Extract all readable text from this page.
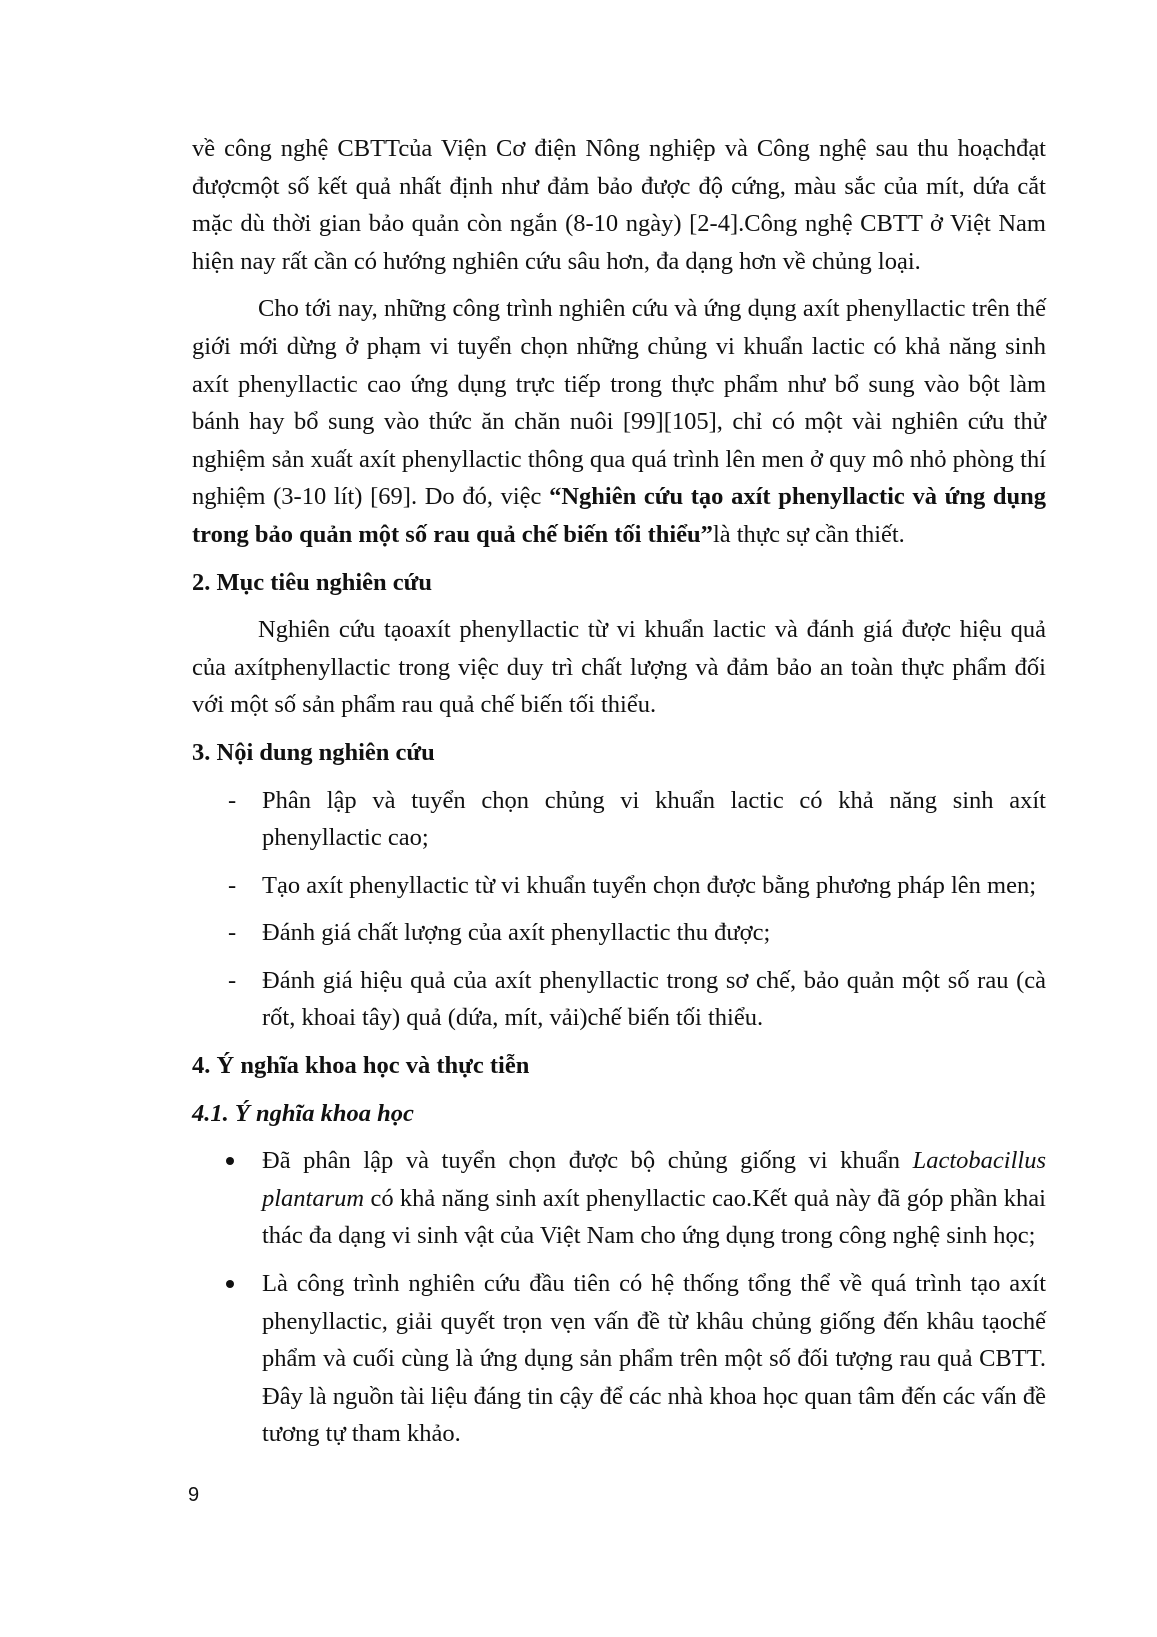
về công nghệ CBTTcủa Viện Cơ điện Nông nghiệp và Công nghệ sau thu hoạchđạt đượcmột số kết quả nhất định như đảm bảo được độ cứng, màu sắc của mít, dứa cắt mặc dù thời gian bảo quản còn ngắn (8-10 ngày) [2-4].Công nghệ CBTT ở Việt Nam hiện nay rất cần có hướng nghiên cứu sâu hơn, đa dạng hơn về chủng loại.

Cho tới nay, những công trình nghiên cứu và ứng dụng axít phenyllactic trên thế giới mới dừng ở phạm vi tuyển chọn những chủng vi khuẩn lactic có khả năng sinh axít phenyllactic cao ứng dụng trực tiếp trong thực phẩm như bổ sung vào bột làm bánh hay bổ sung vào thức ăn chăn nuôi [99][105], chỉ có một vài nghiên cứu thử nghiệm sản xuất axít phenyllactic thông qua quá trình lên men ở quy mô nhỏ phòng thí nghiệm (3-10 lít) [69]. Do đó, việc “Nghiên cứu tạo axít phenyllactic và ứng dụng trong bảo quản một số rau quả chế biến tối thiểu”là thực sự cần thiết.

2. Mục tiêu nghiên cứu

Nghiên cứu tạoaxít phenyllactic từ vi khuẩn lactic và đánh giá được hiệu quả của axítphenyllactic trong việc duy trì chất lượng và đảm bảo an toàn thực phẩm đối với một số sản phẩm rau quả chế biến tối thiểu.

3. Nội dung nghiên cứu
- Phân lập và tuyển chọn chủng vi khuẩn lactic có khả năng sinh axít phenyllactic cao;
- Tạo axít phenyllactic từ vi khuẩn tuyển chọn được bằng phương pháp lên men;
- Đánh giá chất lượng của axít phenyllactic thu được;
- Đánh giá hiệu quả của axít phenyllactic trong sơ chế, bảo quản một số rau (cà rốt, khoai tây) quả (dứa, mít, vải)chế biến tối thiểu.
4. Ý nghĩa khoa học và thực tiễn
4.1. Ý nghĩa khoa học
Đã phân lập và tuyển chọn được bộ chủng giống vi khuẩn Lactobacillus plantarum có khả năng sinh axít phenyllactic cao.Kết quả này đã góp phần khai thác đa dạng vi sinh vật của Việt Nam cho ứng dụng trong công nghệ sinh học;
Là công trình nghiên cứu đầu tiên có hệ thống tổng thể về quá trình tạo axít phenyllactic, giải quyết trọn vẹn vấn đề từ khâu chủng giống đến khâu tạochế phẩm và cuối cùng là ứng dụng sản phẩm trên một số đối tượng rau quả CBTT. Đây là nguồn tài liệu đáng tin cậy để các nhà khoa học quan tâm đến các vấn đề tương tự tham khảo.
9
